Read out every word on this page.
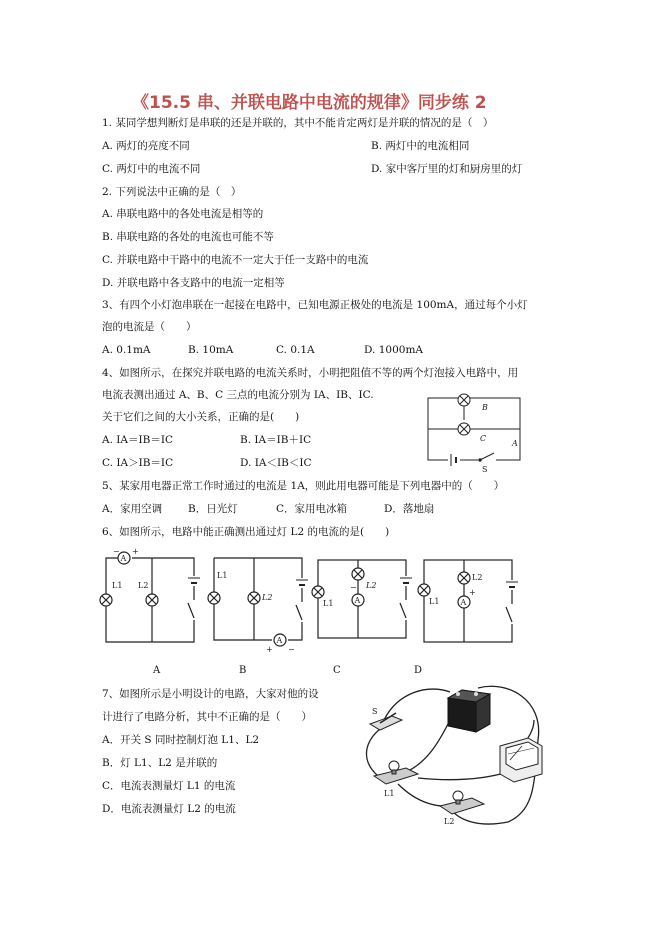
《15.5 串、并联电路中电流的规律》同步练 2
1. 某同学想判断灯是串联的还是并联的，其中不能肯定两灯是并联的情况的是（　）
A. 两灯的亮度不同	B. 两灯中的电流相同
C. 两灯中的电流不同	D. 家中客厅里的灯和厨房里的灯
2. 下列说法中正确的是（　）
A. 串联电路中的各处电流是相等的
B. 串联电路的各处的电流也可能不等
C. 并联电路中干路中的电流不一定大于任一支路中的电流
D. 并联电路中各支路中的电流一定相等
3、有四个小灯泡串联在一起接在电路中，已知电源正极处的电流是 100mA，通过每个小灯
泡的电流是（　　）
A. 0.1mA	B. 10mA	C. 0.1A	D. 1000mA
4、如图所示，在探究并联电路的电流关系时，小明把阻值不等的两个灯泡接入电路中，用
电流表测出通过 A、B、C 三点的电流分别为 IA、IB、IC.
关于它们之间的大小关系，正确的是(　　)
A. IA＝IB＝IC	B. IA＝IB＋IC
C. IA＞IB＝IC	D. IA＜IB＜IC
B
C
A
S
5、某家用电器正常工作时通过的电流是 1A，则此用电器可能是下列电器中的（　　）
A．家用空调 B．日光灯	C．家用电冰箱	D．落地扇
6、如图所示，电路中能正确测出通过灯 L2 的电流的是(　　)
A
− +
L1 L2
L1
L2
A
+ −
A
−
L1
L2
A
+
L1
L2
A	B	C	D
7、如图所示是小明设计的电路，大家对他的设
计进行了电路分析，其中不正确的是（　　）
A．开关 S 同时控制灯泡 L1、L2
B．灯 L1、L2 是并联的
C．电流表测量灯 L1 的电流
D．电流表测量灯 L2 的电流
S
L1
L2
